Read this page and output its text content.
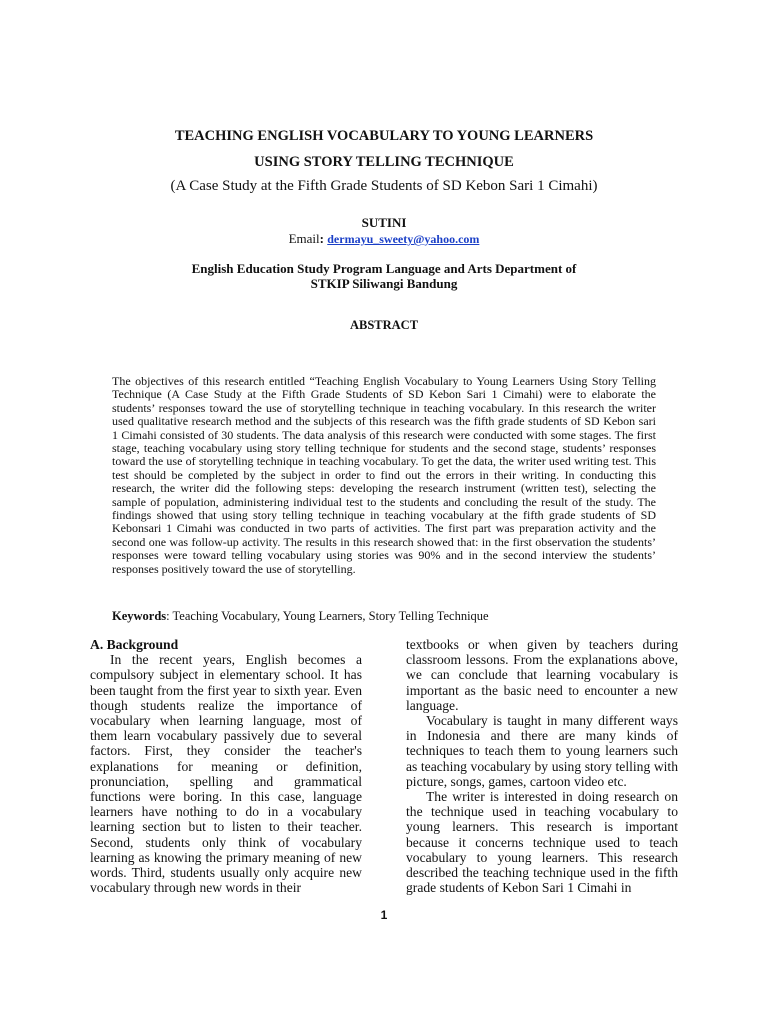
TEACHING ENGLISH VOCABULARY TO YOUNG LEARNERS
USING STORY TELLING TECHNIQUE
(A Case Study at the Fifth Grade Students of SD Kebon Sari 1 Cimahi)
SUTINI
Email: dermayu_sweety@yahoo.com
English Education Study Program Language and Arts Department of
STKIP Siliwangi Bandung
ABSTRACT
The objectives of this research entitled “Teaching English Vocabulary to Young Learners Using Story Telling Technique (A Case Study at the Fifth Grade Students of SD Kebon Sari 1 Cimahi) were to elaborate the students’ responses toward the use of storytelling technique in teaching vocabulary. In this research the writer used qualitative research method and the subjects of this research was the fifth grade students of SD Kebon sari 1 Cimahi consisted of 30 students. The data analysis of this research were conducted with some stages. The first stage, teaching vocabulary using story telling technique for students and the second stage, students’ responses toward the use of storytelling technique in teaching vocabulary. To get the data, the writer used writing test. This test should be completed by the subject in order to find out the errors in their writing. In conducting this research, the writer did the following steps: developing the research instrument (written test), selecting the sample of population, administering individual test to the students and concluding the result of the study. The findings showed that using story telling technique in teaching vocabulary at the fifth grade students of SD Kebonsari 1 Cimahi was conducted in two parts of activities. The first part was preparation activity and the second one was follow-up activity. The results in this research showed that: in the first observation the students’ responses were toward telling vocabulary using stories was 90% and in the second interview the students’ responses positively toward the use of storytelling.
Keywords: Teaching Vocabulary, Young Learners, Story Telling Technique

A. Background

In the recent years, English becomes a compulsory subject in elementary school. It has been taught from the first year to sixth year. Even though students realize the importance of vocabulary when learning language, most of them learn vocabulary passively due to several factors. First, they consider the teacher's explanations for meaning or definition, pronunciation, spelling and grammatical functions were boring. In this case, language learners have nothing to do in a vocabulary learning section but to listen to their teacher. Second, students only think of vocabulary learning as knowing the primary meaning of new words. Third, students usually only acquire new vocabulary through new words in their

textbooks or when given by teachers during classroom lessons. From the explanations above, we can conclude that learning vocabulary is important as the basic need to encounter a new language.

Vocabulary is taught in many different ways in Indonesia and there are many kinds of techniques to teach them to young learners such as teaching vocabulary by using story telling with picture, songs, games, cartoon video etc.

The writer is interested in doing research on the technique used in teaching vocabulary to young learners. This research is important because it concerns technique used to teach vocabulary to young learners. This research described the teaching technique used in the fifth grade students of Kebon Sari 1 Cimahi in

1
